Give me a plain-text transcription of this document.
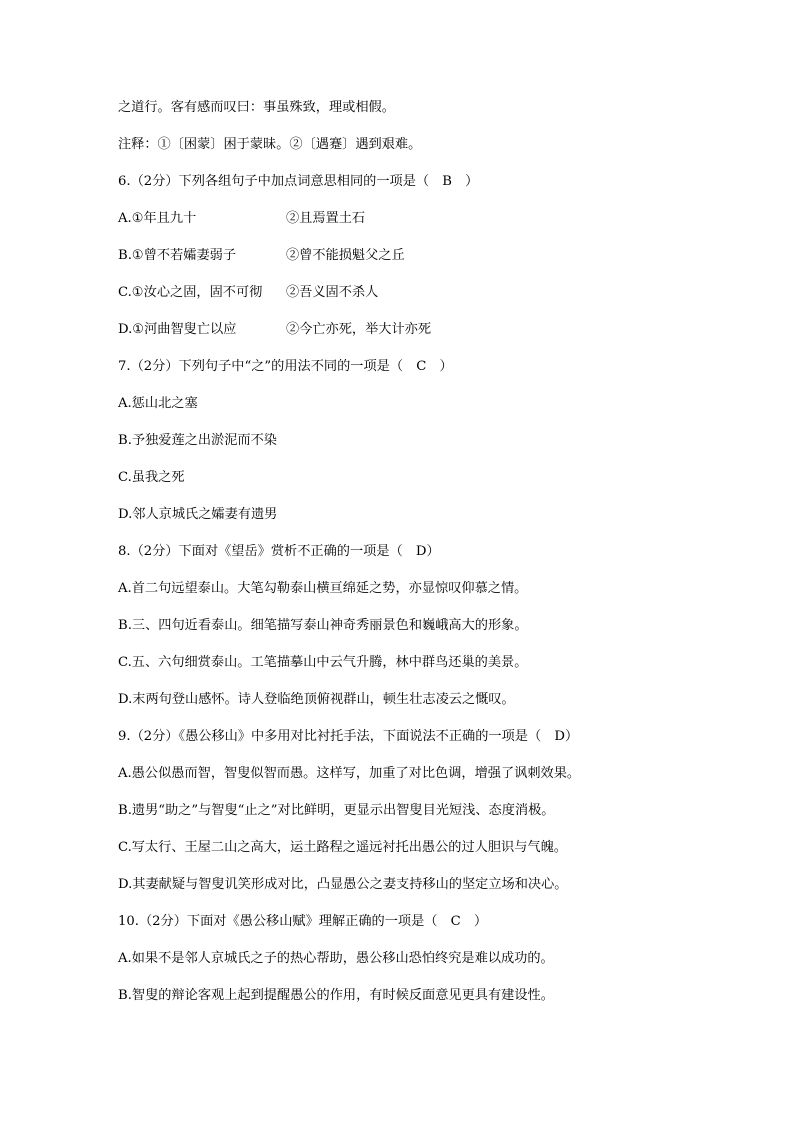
之道行。客有感而叹曰：事虽殊致，理或相假。
注释：①〔困蒙〕困于蒙昧。②〔遇蹇〕遇到艰难。
6.（2分）下列各组句子中加点词意思相同的一项是（　B　）
A.①年且九十	②且焉置土石
B.①曾不若孀妻弱子	②曾不能损魁父之丘
C.①汝心之固，固不可彻 ②吾义固不杀人
D.①河曲智叟亡以应	②今亡亦死，举大计亦死
7.（2分）下列句子中“之”的用法不同的一项是（　C　）
A.惩山北之塞
B.予独爱莲之出淤泥而不染
C.虽我之死
D.邻人京城氏之孀妻有遗男
8.（2分）下面对《望岳》赏析不正确的一项是（　D）
A.首二句远望泰山。大笔勾勒泰山横亘绵延之势，亦显惊叹仰慕之情。
B.三、四句近看泰山。细笔描写泰山神奇秀丽景色和巍峨高大的形象。
C.五、六句细赏泰山。工笔描摹山中云气升腾，林中群鸟还巢的美景。
D.末两句登山感怀。诗人登临绝顶俯视群山，顿生壮志凌云之慨叹。
9.（2分）《愚公移山》中多用对比衬托手法，下面说法不正确的一项是（　D）
A.愚公似愚而智，智叟似智而愚。这样写，加重了对比色调，增强了讽刺效果。
B.遗男“助之”与智叟“止之”对比鲜明，更显示出智叟目光短浅、态度消极。
C.写太行、王屋二山之高大，运土路程之遥远衬托出愚公的过人胆识与气魄。
D.其妻献疑与智叟讥笑形成对比，凸显愚公之妻支持移山的坚定立场和决心。
10.（2分）下面对《愚公移山赋》理解正确的一项是（　C　）
A.如果不是邻人京城氏之子的热心帮助，愚公移山恐怕终究是难以成功的。
B.智叟的辩论客观上起到提醒愚公的作用，有时候反面意见更具有建设性。
